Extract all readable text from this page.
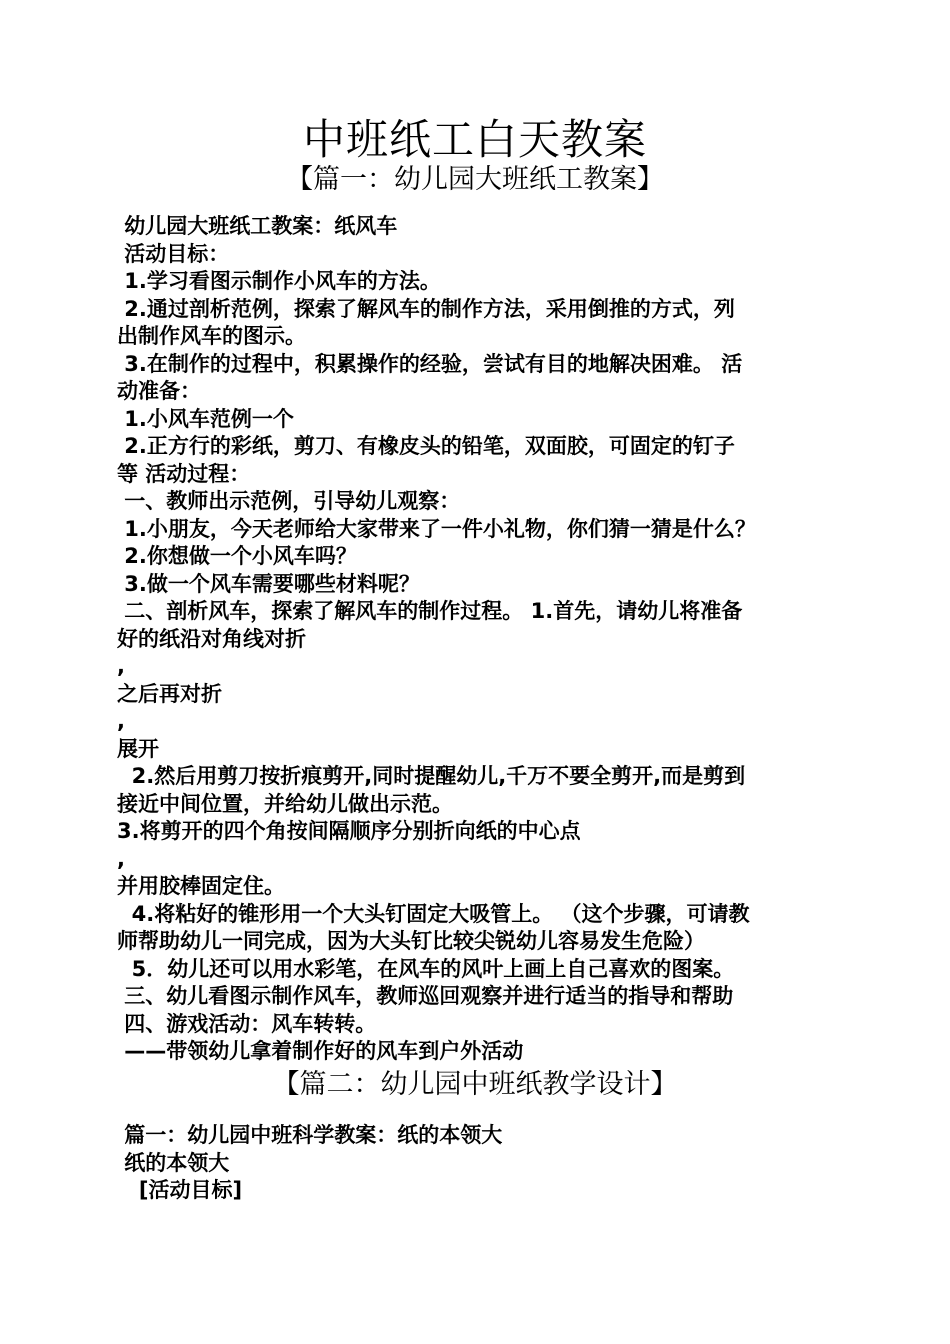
中班纸工白天教案
【篇一：幼儿园大班纸工教案】
幼儿园大班纸工教案：纸风车
活动目标：
1.学习看图示制作小风车的方法。
2.通过剖析范例，探索了解风车的制作方法，采用倒推的方式，列
出制作风车的图示。
3.在制作的过程中，积累操作的经验，尝试有目的地解决困难。 活
动准备：
1.小风车范例一个
2.正方行的彩纸，剪刀、有橡皮头的铅笔，双面胶，可固定的钉子
等 活动过程：
一、教师出示范例，引导幼儿观察：
1.小朋友，今天老师给大家带来了一件小礼物，你们猜一猜是什么？
2.你想做一个小风车吗？
3.做一个风车需要哪些材料呢？
二、剖析风车，探索了解风车的制作过程。 1.首先，请幼儿将准备
好的纸沿对角线对折
,
之后再对折
,
展开
2.然后用剪刀按折痕剪开,同时提醒幼儿,千万不要全剪开,而是剪到
接近中间位置，并给幼儿做出示范。
3.将剪开的四个角按间隔顺序分别折向纸的中心点
,
并用胶棒固定住。
4.将粘好的锥形用一个大头钉固定大吸管上。 （这个步骤，可请教
师帮助幼儿一同完成，因为大头钉比较尖锐幼儿容易发生危险）
5．幼儿还可以用水彩笔，在风车的风叶上画上自己喜欢的图案。
三、幼儿看图示制作风车，教师巡回观察并进行适当的指导和帮助
四、游戏活动：风车转转。
——带领幼儿拿着制作好的风车到户外活动
【篇二：幼儿园中班纸教学设计】
篇一：幼儿园中班科学教案：纸的本领大
纸的本领大
[活动目标]
